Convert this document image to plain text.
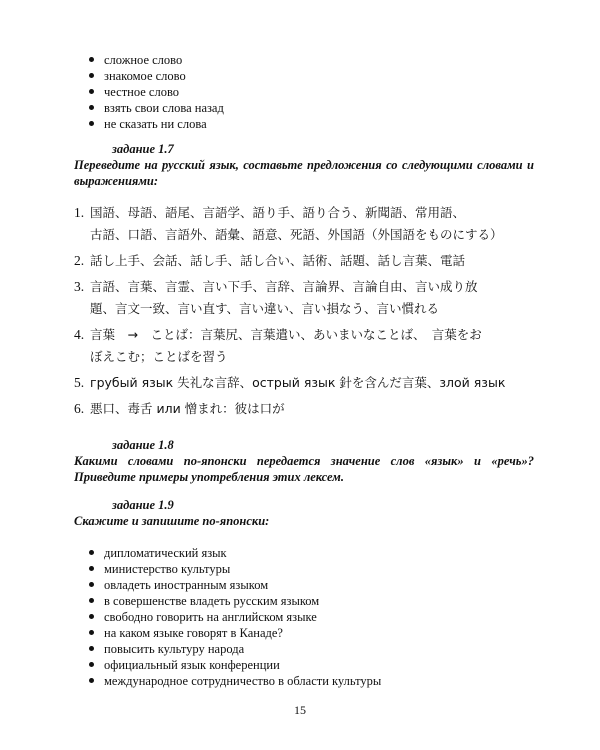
сложное слово
знакомое слово
честное слово
взять свои слова назад
не сказать ни слова
задание 1.7
Переведите на русский язык, составьте предложения со следующими словами и выражениями:
1. 国語、母語、語尾、言語学、語り手、語り合う、新聞語、常用語、
古語、口語、言語外、語彙、語意、死語、外国語（外国語をものにする）
2. 話し上手、会話、話し手、話し合い、話術、話題、話し言葉、電話
3. 言語、言葉、言霊、言い下手、言辞、言論界、言論自由、言い成り放
題、言文一致、言い直す、言い違い、言い損なう、言い慣れる
4. 言葉　→　ことば：言葉尻、言葉遣い、あいまいなことば、　言葉をお
ぼえこむ；ことばを習う
5. грубый язык 失礼な言辞、острый язык 針を含んだ言葉、злой язык
6. 悪口、毒舌 или 憎まれ：彼は口が
задание 1.8
Какими словами по-японски передается значение слов «язык» и «речь»? Приведите примеры употребления этих лексем.
задание 1.9
Скажите и запишите по-японски:
дипломатический язык
министерство культуры
овладеть иностранным языком
в совершенстве владеть русским языком
свободно говорить на английском языке
на каком языке говорят в Канаде?
повысить культуру народа
официальный язык конференции
международное сотрудничество в области культуры
15
